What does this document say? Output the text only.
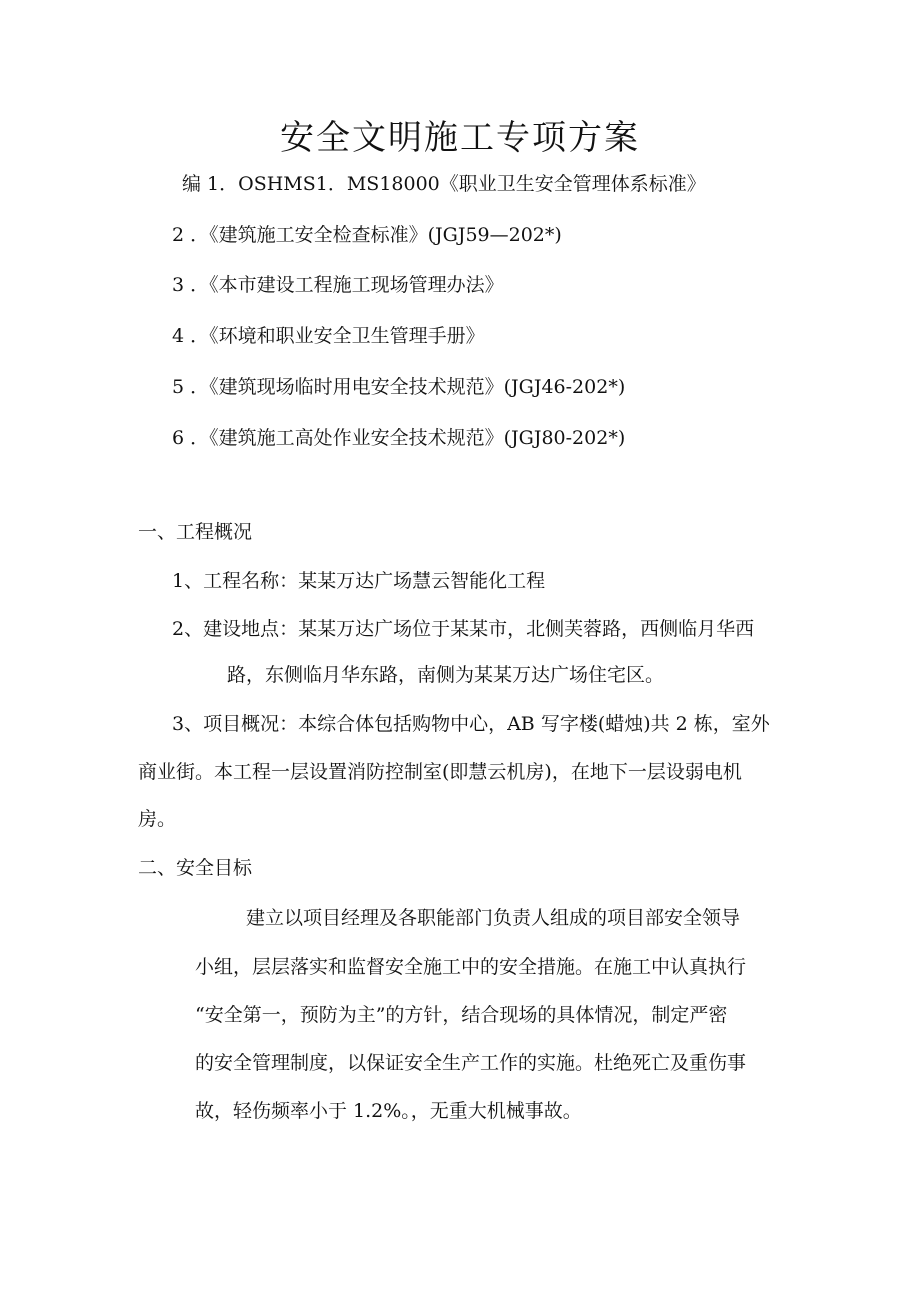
安全文明施工专项方案
编 1．OSHMS1．MS18000《职业卫生安全管理体系标准》
2 ．《建筑施工安全检查标准》(JGJ59—202*)
3 ．《本市建设工程施工现场管理办法》
4 ．《环境和职业安全卫生管理手册》
5 ．《建筑现场临时用电安全技术规范》(JGJ46-202*)
6 ．《建筑施工高处作业安全技术规范》(JGJ80-202*)
一、工程概况
1、工程名称：某某万达广场慧云智能化工程
2、建设地点：某某万达广场位于某某市，北侧芙蓉路，西侧临月华西
路，东侧临月华东路，南侧为某某万达广场住宅区。
3、项目概况：本综合体包括购物中心，AB 写字楼(蜡烛)共 2 栋，室外
商业街。本工程一层设置消防控制室(即慧云机房)，在地下一层设弱电机
房。
二、安全目标
建立以项目经理及各职能部门负责人组成的项目部安全领导
小组，层层落实和监督安全施工中的安全措施。在施工中认真执行
“安全第一，预防为主”的方针，结合现场的具体情况，制定严密
的安全管理制度，以保证安全生产工作的实施。杜绝死亡及重伤事
故，轻伤频率小于 1.2%。，无重大机械事故。
